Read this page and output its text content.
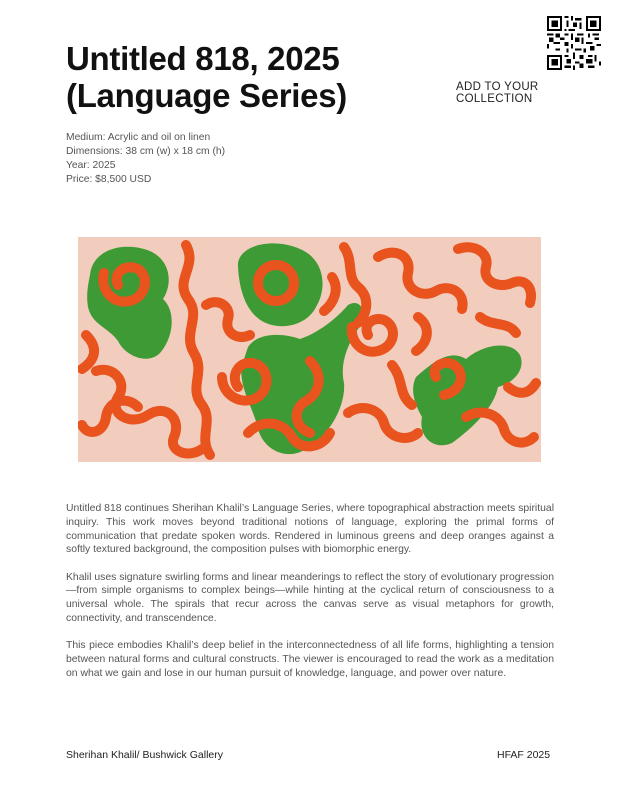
Untitled 818, 2025
(Language Series)	ADD TO YOUR COLLECTION
Medium: Acrylic and oil on linen
Dimensions: 38 cm (w) x 18 cm (h)
Year: 2025
Price: $8,500 USD

Untitled 818 continues Sherihan Khalil’s Language Series, where topographical abstraction meets spiritual inquiry. This work moves beyond traditional notions of language, exploring the primal forms of communication that predate spoken words. Rendered in luminous greens and deep oranges against a softly textured background, the composition pulses with biomorphic energy.

Khalil uses signature swirling forms and linear meanderings to reflect the story of evolutionary progression—from simple organisms to complex beings—while hinting at the cyclical return of consciousness to a universal whole. The spirals that recur across the canvas serve as visual metaphors for growth, connectivity, and transcendence.

This piece embodies Khalil’s deep belief in the interconnectedness of all life forms, highlighting a tension between natural forms and cultural constructs. The viewer is encouraged to read the work as a meditation on what we gain and lose in our human pursuit of knowledge, language, and power over nature.

Sherihan Khalil/ Bushwick Gallery	HFAF 2025
